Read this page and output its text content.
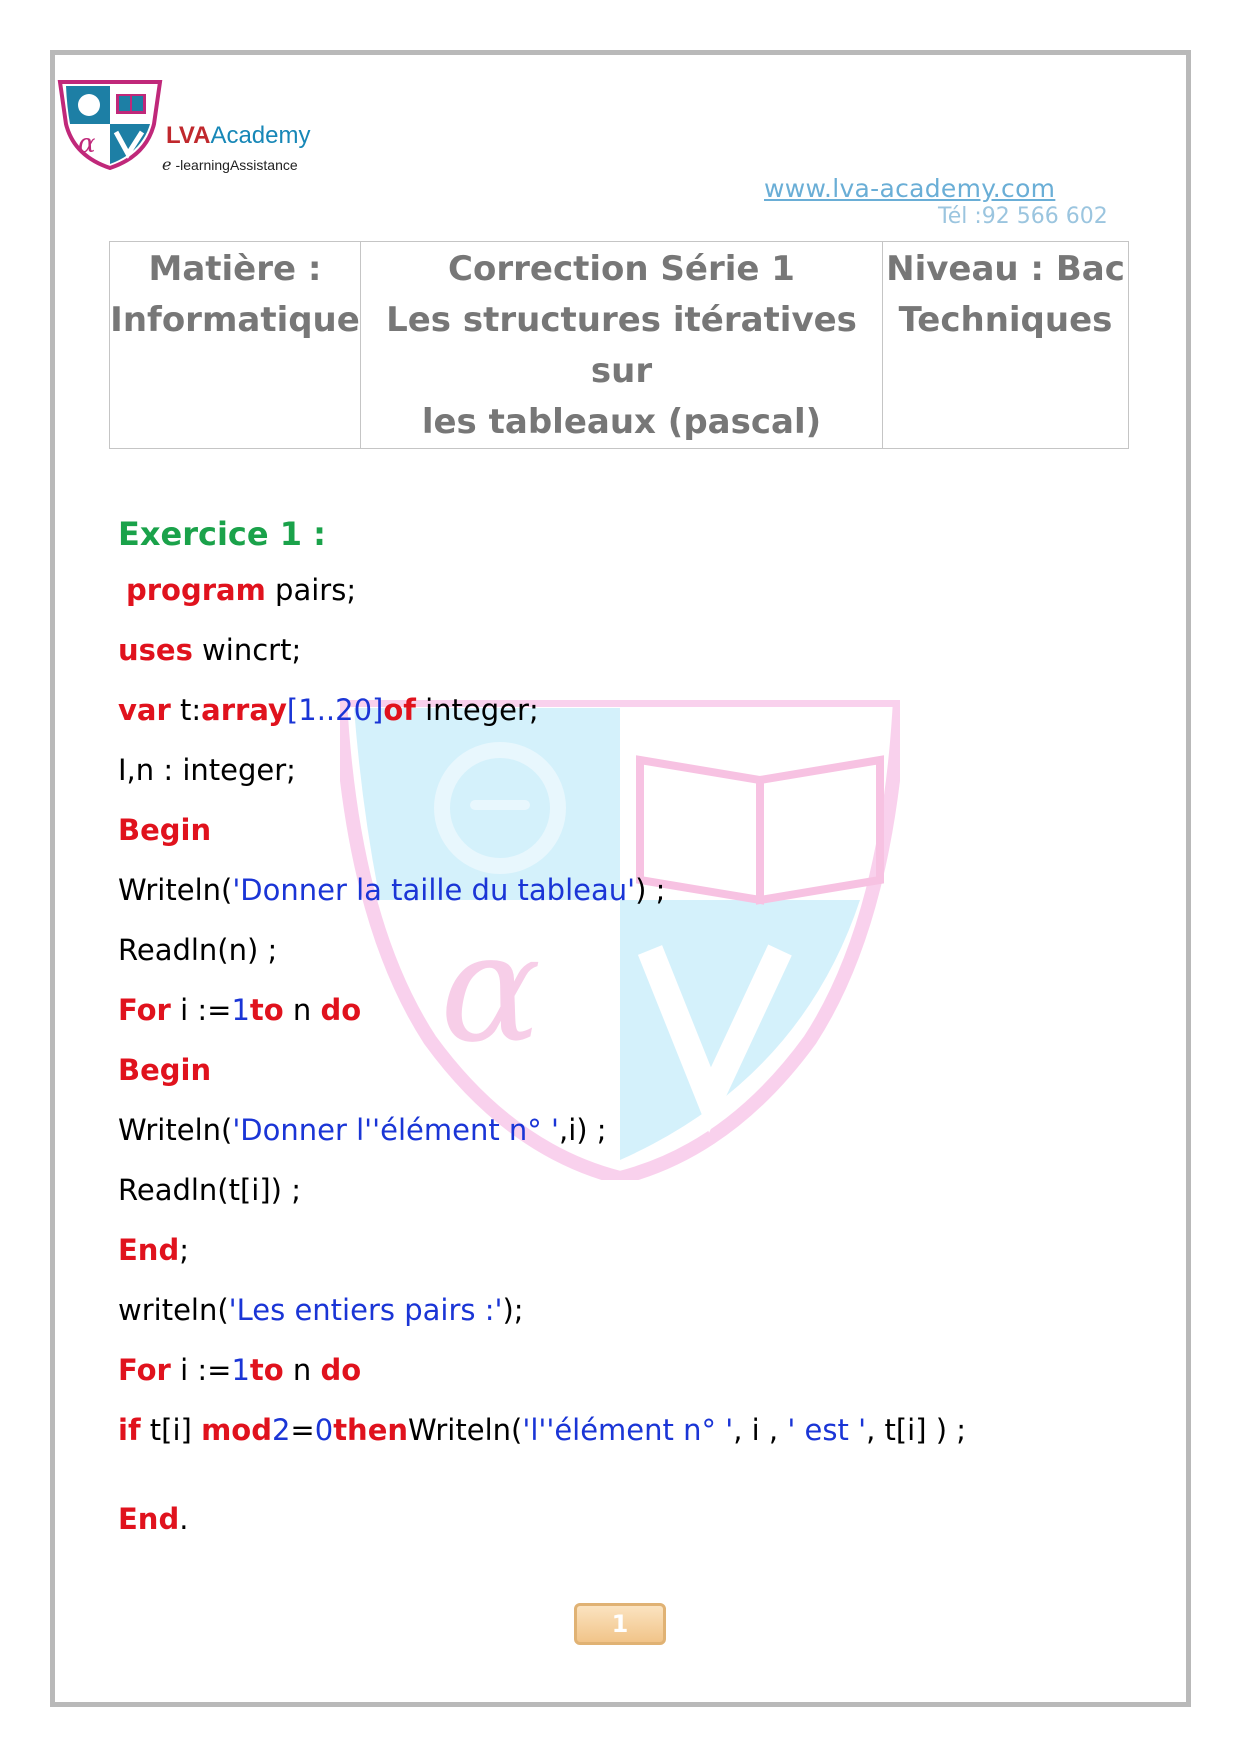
α	LVAAcademy
e -learningAssistance
www.lva-academy.com
Tél :92 566 602
Matière :
Informatique

Correction Série 1
Les structures itératives sur
les tableaux (pascal)

Niveau : Bac
Techniques
α
Exercice 1 :
program pairs;
uses wincrt;
var t:array[1..20]of integer;
I,n : integer;
Begin
Writeln('Donner la taille du tableau') ;
Readln(n) ;
For i :=1to n do
Begin
Writeln('Donner l''élément n° ',i) ;
Readln(t[i]) ;
End;
writeln('Les entiers pairs :');
For i :=1to n do
if t[i] mod2=0thenWriteln('l''élément n° ', i , ' est ', t[i] ) ;
End.
1
